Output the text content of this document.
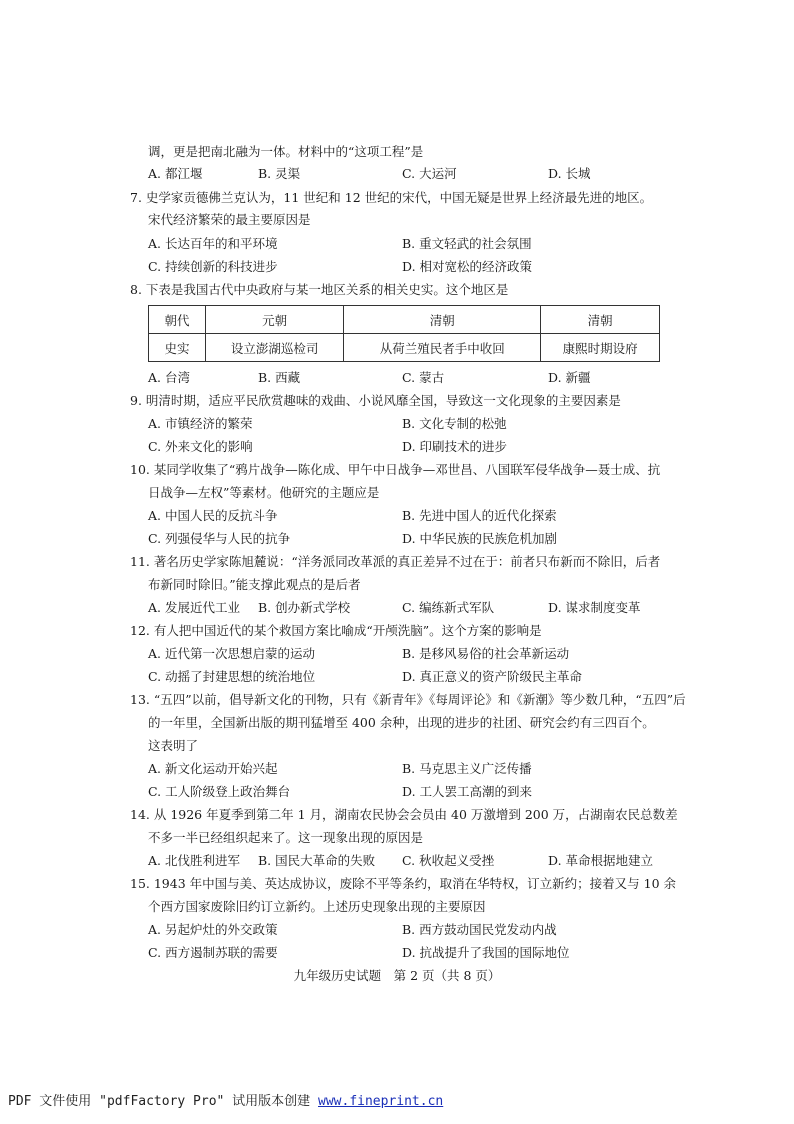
调，更是把南北融为一体。材料中的“这项工程”是
A. 都江堰	B. 灵渠	C. 大运河	D. 长城
7. 史学家贡德佛兰克认为，11 世纪和 12 世纪的宋代，中国无疑是世界上经济最先进的地区。
宋代经济繁荣的最主要原因是
A. 长达百年的和平环境	B. 重文轻武的社会氛围
C. 持续创新的科技进步	D. 相对宽松的经济政策
8. 下表是我国古代中央政府与某一地区关系的相关史实。这个地区是
朝代	元朝	清朝	清朝
史实	设立澎湖巡检司	从荷兰殖民者手中收回	康熙时期设府
A. 台湾	B. 西藏	C. 蒙古	D. 新疆
9. 明清时期，适应平民欣赏趣味的戏曲、小说风靡全国，导致这一文化现象的主要因素是
A. 市镇经济的繁荣	B. 文化专制的松弛
C. 外来文化的影响	D. 印刷技术的进步
10. 某同学收集了“鸦片战争—陈化成、甲午中日战争—邓世昌、八国联军侵华战争—聂士成、抗
日战争—左权”等素材。他研究的主题应是
A. 中国人民的反抗斗争	B. 先进中国人的近代化探索
C. 列强侵华与人民的抗争	D. 中华民族的民族危机加剧
11. 著名历史学家陈旭麓说：“洋务派同改革派的真正差异不过在于：前者只布新而不除旧，后者
布新同时除旧。”能支撑此观点的是后者
A. 发展近代工业 B. 创办新式学校	C. 编练新式军队	D. 谋求制度变革
12. 有人把中国近代的某个救国方案比喻成“开颅洗脑”。这个方案的影响是
A. 近代第一次思想启蒙的运动	B. 是移风易俗的社会革新运动
C. 动摇了封建思想的统治地位	D. 真正意义的资产阶级民主革命
13. “五四”以前，倡导新文化的刊物，只有《新青年》《每周评论》和《新潮》等少数几种，“五四”后
的一年里，全国新出版的期刊猛增至 400 余种，出现的进步的社团、研究会约有三四百个。
这表明了
A. 新文化运动开始兴起	B. 马克思主义广泛传播
C. 工人阶级登上政治舞台	D. 工人罢工高潮的到来
14. 从 1926 年夏季到第二年 1 月，湖南农民协会会员由 40 万激增到 200 万，占湖南农民总数差
不多一半已经组织起来了。这一现象出现的原因是
A. 北伐胜利进军 B. 国民大革命的失败 C. 秋收起义受挫	D. 革命根据地建立
15. 1943 年中国与美、英达成协议，废除不平等条约，取消在华特权，订立新约；接着又与 10 余
个西方国家废除旧约订立新约。上述历史现象出现的主要原因
A. 另起炉灶的外交政策	B. 西方鼓动国民党发动内战
C. 西方遏制苏联的需要	D. 抗战提升了我国的国际地位
九年级历史试题　第 2 页（共 8 页）
PDF 文件使用 "pdfFactory Pro" 试用版本创建 www.fineprint.cn
